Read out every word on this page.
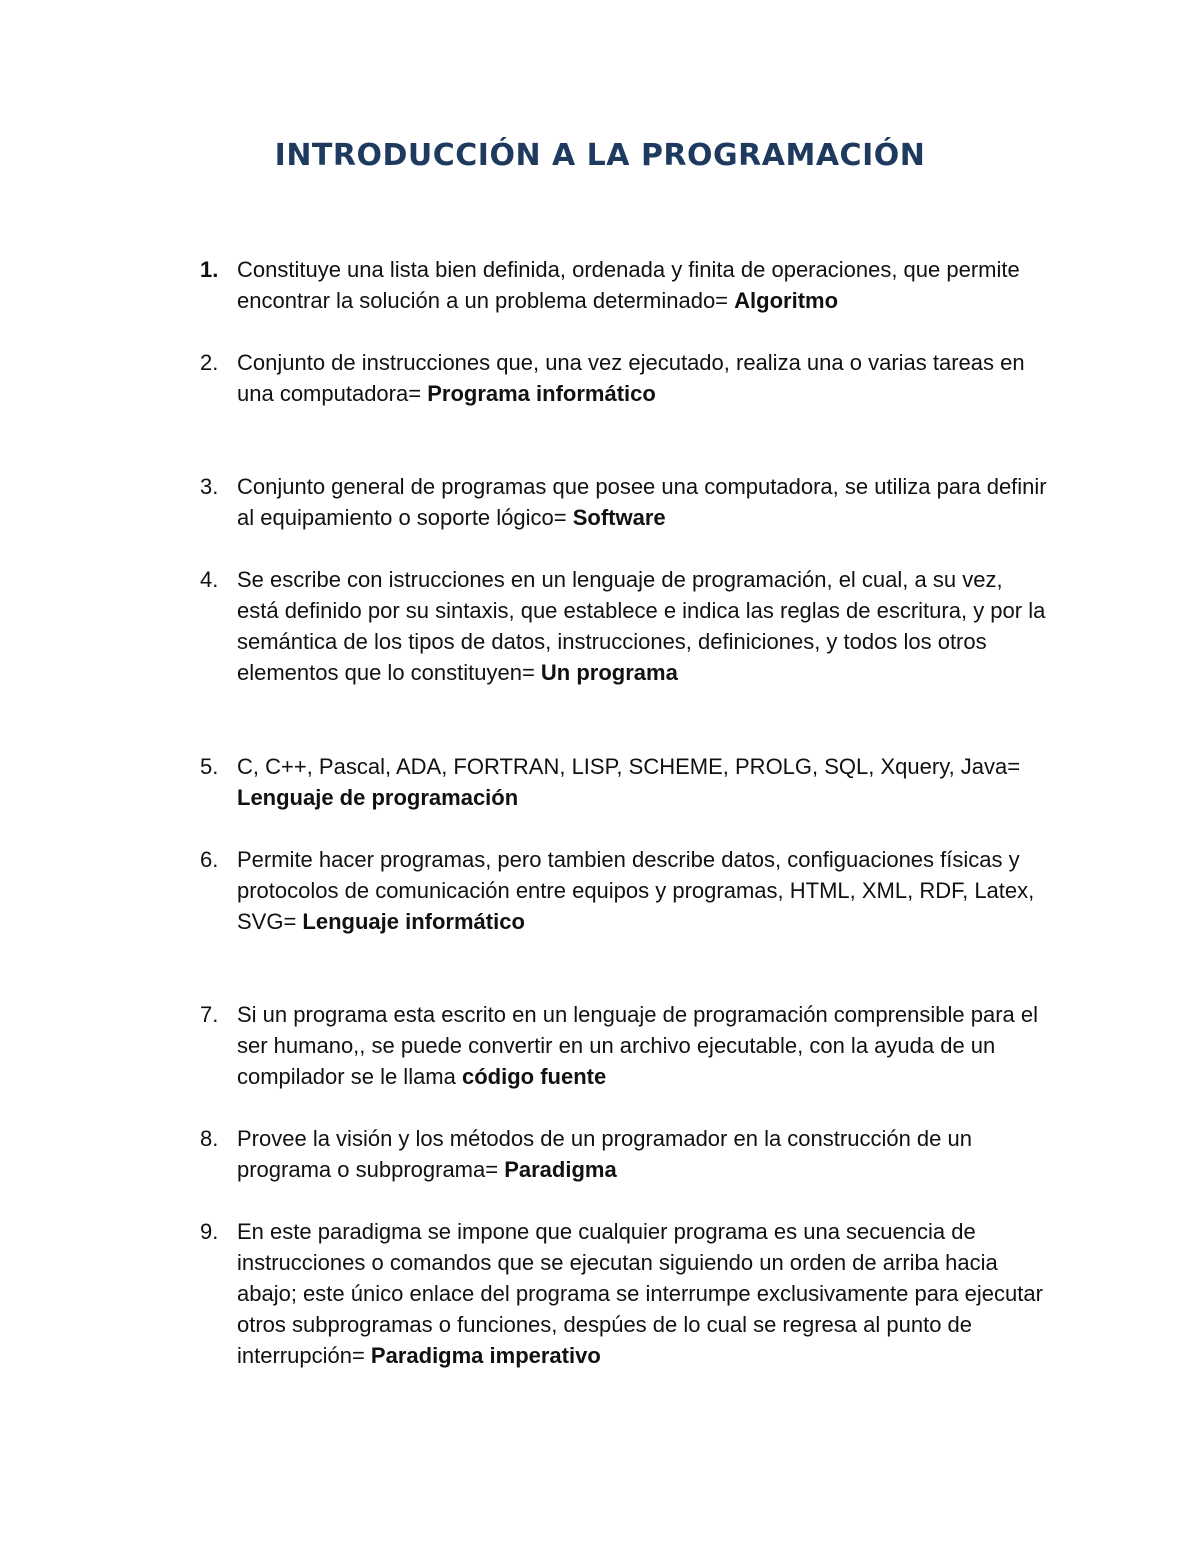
INTRODUCCIÓN A LA PROGRAMACIÓN
1. Constituye una lista bien definida, ordenada y finita de operaciones, que permite encontrar la solución a un problema determinado= Algoritmo
2. Conjunto de instrucciones que, una vez ejecutado, realiza una o varias tareas en una computadora= Programa informático
3. Conjunto general de programas que posee una computadora, se utiliza para definir al equipamiento o soporte lógico= Software
4. Se escribe con istrucciones en un lenguaje de programación, el cual, a su vez, está definido por su sintaxis, que establece e indica las reglas de escritura, y por la semántica de los tipos de datos, instrucciones, definiciones, y todos los otros elementos que lo constituyen= Un programa
5. C, C++, Pascal, ADA, FORTRAN, LISP, SCHEME, PROLG, SQL, Xquery, Java= Lenguaje de programación
6. Permite hacer programas, pero tambien describe datos, configuaciones físicas y protocolos de comunicación entre equipos y programas, HTML, XML, RDF, Latex, SVG= Lenguaje informático
7. Si un programa esta escrito en un lenguaje de programación comprensible para el ser humano,, se puede convertir en un archivo ejecutable, con la ayuda de un compilador se le llama código fuente
8. Provee la visión y los métodos de un programador en la construcción de un programa o subprograma= Paradigma
9. En este paradigma se impone que cualquier programa es una secuencia de instrucciones o comandos que se ejecutan siguiendo un orden de arriba hacia abajo; este único enlace del programa se interrumpe exclusivamente para ejecutar otros subprogramas o funciones, despúes de lo cual se regresa al punto de interrupción= Paradigma imperativo
